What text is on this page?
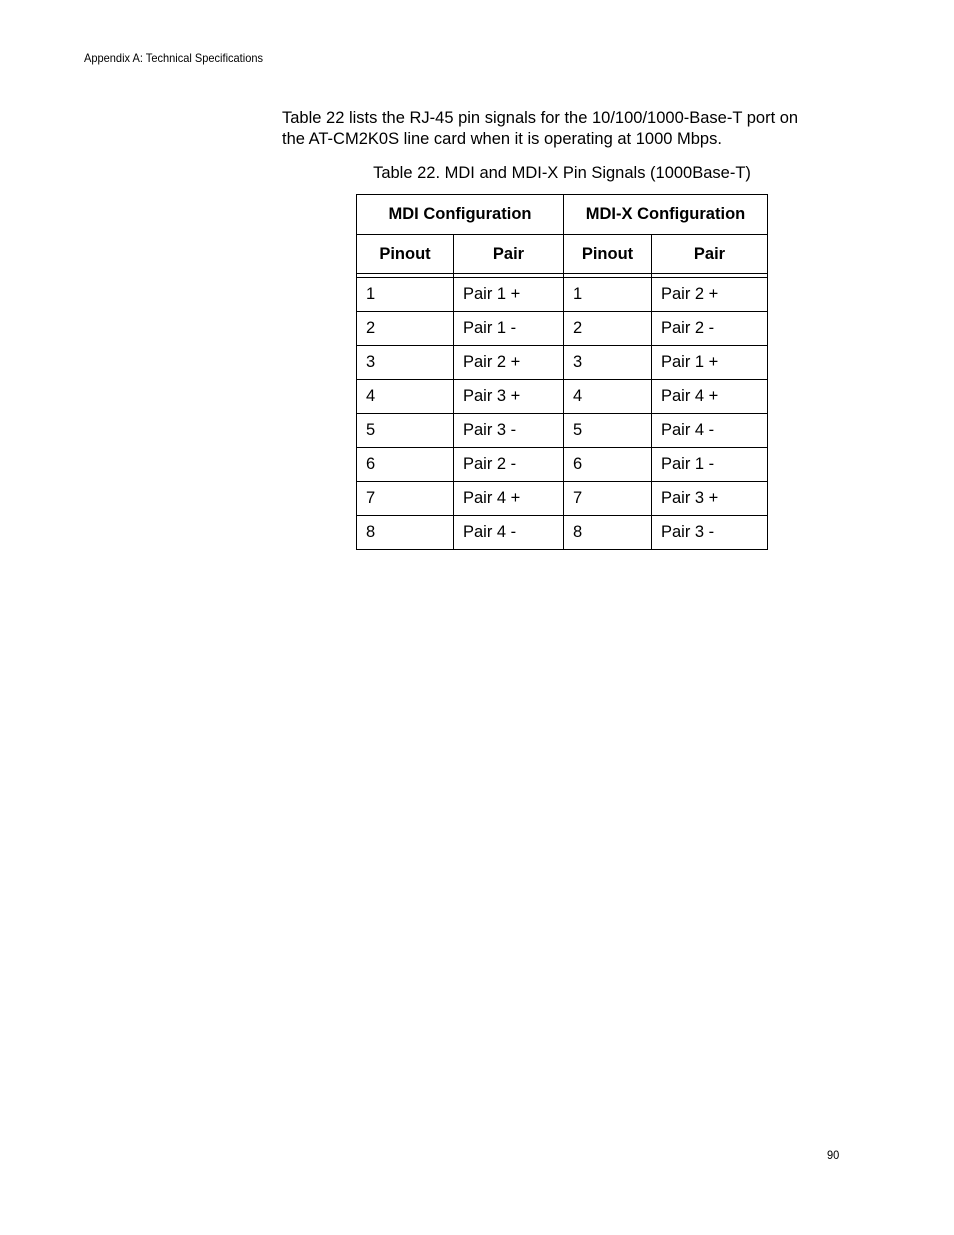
Appendix A: Technical Specifications

Table 22 lists the RJ-45 pin signals for the 10/100/1000-Base-T port on
the AT-CM2K0S line card when it is operating at 1000 Mbps.

Table 22. MDI and MDI-X Pin Signals (1000Base-T)
MDI Configuration		MDI-X Configuration	
Pinout	Pair	Pinout	Pair

1	Pair 1 +	1	Pair 2 +
2	Pair 1 -	2	Pair 2 -
3	Pair 2 +	3	Pair 1 +
4	Pair 3 +	4	Pair 4 +
5	Pair 3 -	5	Pair 4 -
6	Pair 2 -	6	Pair 1 -
7	Pair 4 +	7	Pair 3 +
8	Pair 4 -	8	Pair 3 -
90
